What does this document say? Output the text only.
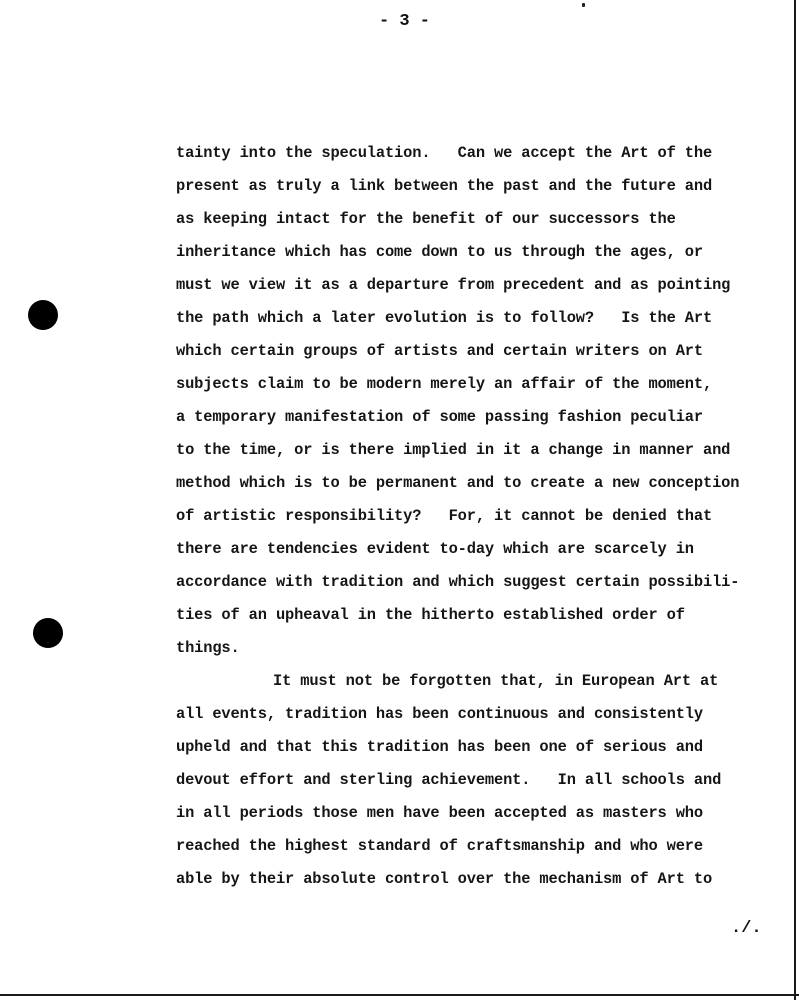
- 3 -
tainty into the speculation.   Can we accept the Art of the
present as truly a link between the past and the future and
as keeping intact for the benefit of our successors the
inheritance which has come down to us through the ages, or
must we view it as a departure from precedent and as pointing
the path which a later evolution is to follow?   Is the Art
which certain groups of artists and certain writers on Art
subjects claim to be modern merely an affair of the moment,
a temporary manifestation of some passing fashion peculiar
to the time, or is there implied in it a change in manner and
method which is to be permanent and to create a new conception
of artistic responsibility?   For, it cannot be denied that
there are tendencies evident to-day which are scarcely in
accordance with tradition and which suggest certain possibili-
ties of an upheaval in the hitherto established order of
things.
It must not be forgotten that, in European Art at
all events, tradition has been continuous and consistently
upheld and that this tradition has been one of serious and
devout effort and sterling achievement.   In all schools and
in all periods those men have been accepted as masters who
reached the highest standard of craftsmanship and who were
able by their absolute control over the mechanism of Art to
./.
